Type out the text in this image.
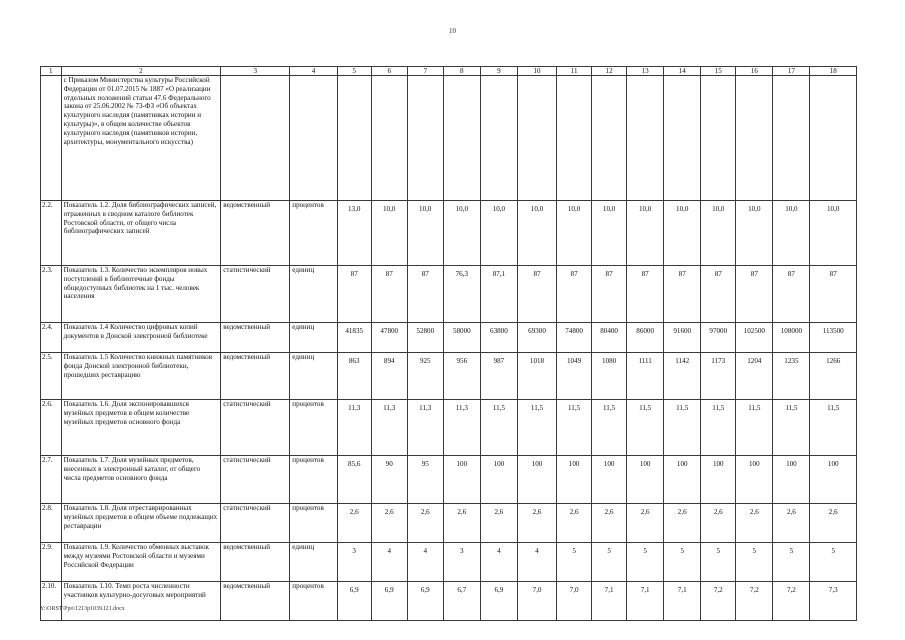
10
1	2	3	4	5	6	7	8	9	10	11	12	13	14	15	16	17	18
	с Приказом Министерства культуры Российской Федерации от 01.07.2015 № 1887 «О реализации отдельных положений статьи 47.6 Федерального закона от 25.06.2002 № 73-ФЗ «Об объектах культурного наследия (памятниках истории и культуры)», в общем количестве объектов культурного наследия (памятников истории, архитектуры, монументального искусства)																
2.2.	Показатель 1.2. Доля библиографических записей, отраженных в сводном каталоге библиотек Ростовской области, от общего числа библиографических записей	ведомственный	процентов	13,0	10,0	10,0	10,0	10,0	10,0	10,0	10,0	10,0	10,0	10,0	10,0	10,0	10,0
2.3.	Показатель 1.3. Количество экземпляров новых поступлений в библиотечные фонды общедоступных библиотек на 1 тыс. человек населения	статистический	единиц	87	87	87	76,3	87,1	87	87	87	87	87	87	87	87	87
2.4.	Показатель 1.4 Количество цифровых копий документов в Донской электронной библиотеке	ведомственный	единиц	41835	47800	52800	58000	63800	69300	74800	80400	86000	91600	97000	102500	108000	113500
2.5.	Показатель 1.5 Количество книжных памятников фонда Донской электронной библиотеки, прошедших реставрацию	ведомственный	единиц	863	894	925	956	987	1018	1049	1080	1111	1142	1173	1204	1235	1266
2.6.	Показатель 1.6. Доля экспонировавшихся музейных предметов в общем количестве музейных предметов основного фонда	статистический	процентов	11,3	11,3	11,3	11,3	11,5	11,5	11,5	11,5	11,5	11,5	11,5	11,5	11,5	11,5
2.7.	Показатель 1.7. Доля музейных предметов, внесенных в электронный каталог, от общего числа предметов основного фонда	статистический	процентов	85,6	90	95	100	100	100	100	100	100	100	100	100	100	100
2.8.	Показатель 1.8. Доля отреставрированных музейных предметов в общем объеме подлежащих реставрации	статистический	процентов	2,6	2,6	2,6	2,6	2,6	2,6	2,6	2,6	2,6	2,6	2,6	2,6	2,6	2,6
2.9.	Показатель 1.9. Количество обменных выставок между музеями Ростовской области и музеями Российской Федерации	ведомственный	единиц	3	4	4	3	4	4	5	5	5	5	5	5	5	5
2.10.	Показатель 1.10. Темп роста численности участников культурно-досуговых мероприятий	ведомственный	процентов	6,9	6,9	6,9	6,7	6,9	7,0	7,0	7,1	7,1	7,1	7,2	7,2	7,2	7,3
Y:\ORST\Ppo\1213p1039.f21.docx
